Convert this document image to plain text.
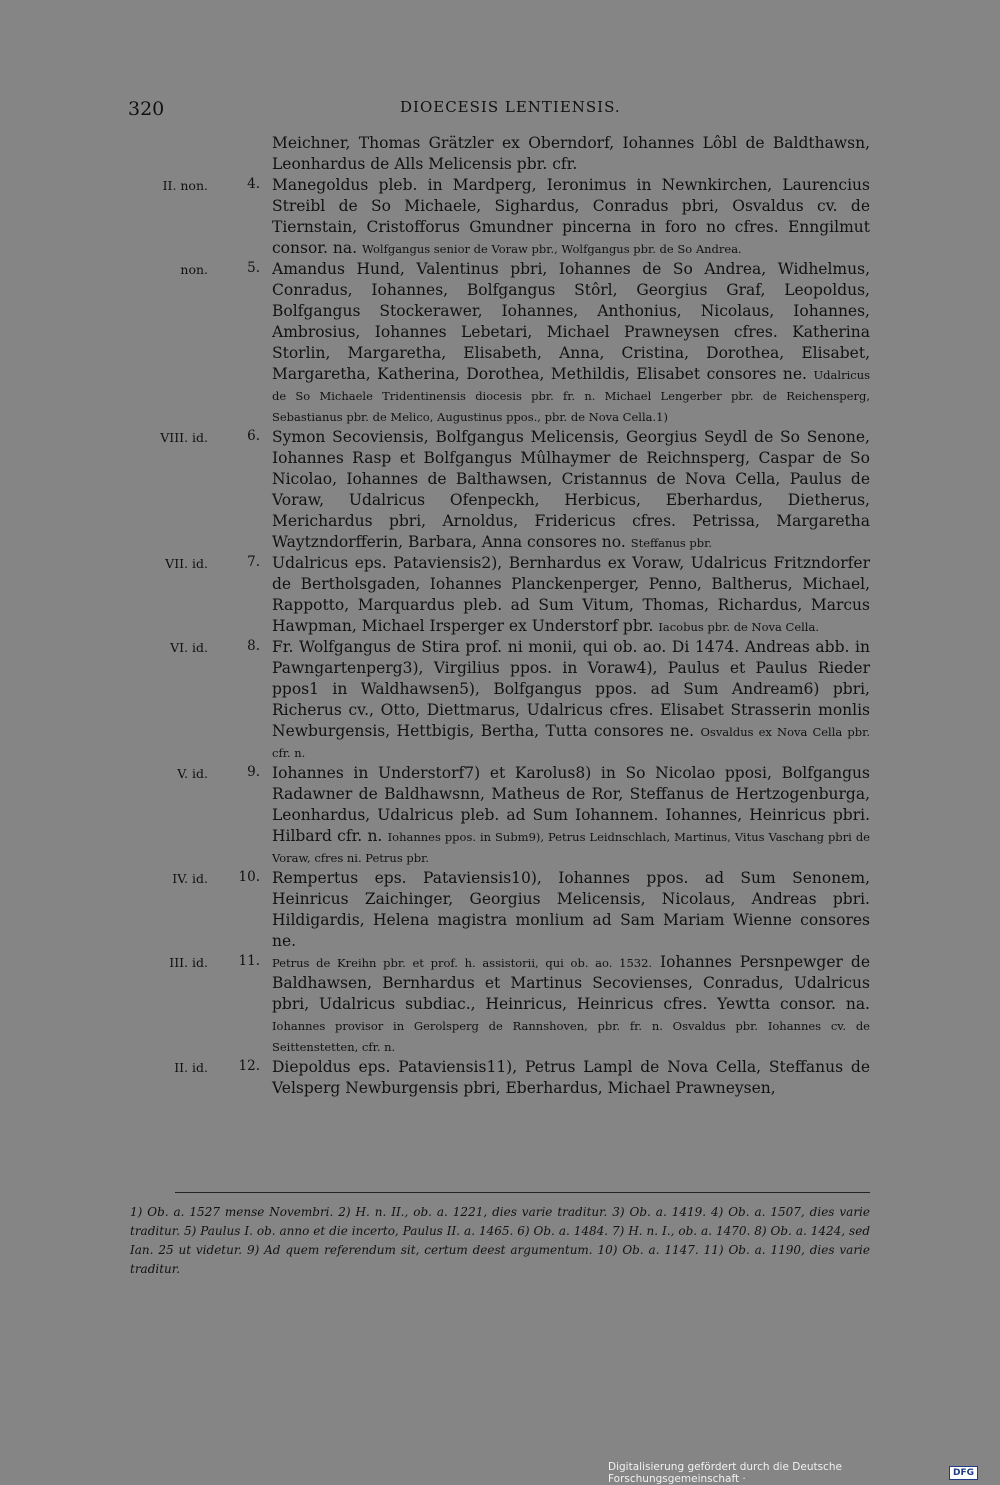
320	DIOECESIS LENTIENSIS.
Meichner, Thomas Grätzler ex Oberndorf, Iohannes Lôbl de Baldthawsn, Leonhardus de Alls Melicensis pbr. cfr.
II. non.	4. Manegoldus pleb. in Mardperg, Ieronimus in Newnkirchen, Laurencius Streibl de So Michaele, Sighardus, Conradus pbri, Osvaldus cv. de Tiernstain, Cristofforus Gmundner pincerna in foro no cfres. Enngilmut consor. na. Wolfgangus senior de Voraw pbr., Wolfgangus pbr. de So Andrea.
non.	5. Amandus Hund, Valentinus pbri, Iohannes de So Andrea, Widhelmus, Conradus, Iohannes, Bolfgangus Stôrl, Georgius Graf, Leopoldus, Bolfgangus Stockerawer, Iohannes, Anthonius, Nicolaus, Iohannes, Ambrosius, Iohannes Lebetari, Michael Prawneysen cfres. Katherina Storlin, Margaretha, Elisabeth, Anna, Cristina, Dorothea, Elisabet, Margaretha, Katherina, Dorothea, Methildis, Elisabet consores ne. Udalricus de So Michaele Tridentinensis diocesis pbr. fr. n. Michael Lengerber pbr. de Reichensperg, Sebastianus pbr. de Melico, Augustinus ppos., pbr. de Nova Cella.1)
VIII. id.	6. Symon Secoviensis, Bolfgangus Melicensis, Georgius Seydl de So Senone, Iohannes Rasp et Bolfgangus Mûlhaymer de Reichnsperg, Caspar de So Nicolao, Iohannes de Balthawsen, Cristannus de Nova Cella, Paulus de Voraw, Udalricus Ofenpeckh, Herbicus, Eberhardus, Dietherus, Merichardus pbri, Arnoldus, Fridericus cfres. Petrissa, Margaretha Waytzndorfferin, Barbara, Anna consores no. Steffanus pbr.
VII. id.	7. Udalricus eps. Pataviensis2), Bernhardus ex Voraw, Udalricus Fritzndorfer de Bertholsgaden, Iohannes Planckenperger, Penno, Baltherus, Michael, Rappotto, Marquardus pleb. ad Sum Vitum, Thomas, Richardus, Marcus Hawpman, Michael Irsperger ex Understorf pbr. Iacobus pbr. de Nova Cella.
VI. id.	8. Fr. Wolfgangus de Stira prof. ni monii, qui ob. ao. Di 1474. Andreas abb. in Pawngartenperg3), Virgilius ppos. in Voraw4), Paulus et Paulus Rieder ppos1 in Waldhawsen5), Bolfgangus ppos. ad Sum Andream6) pbri, Richerus cv., Otto, Diettmarus, Udalricus cfres. Elisabet Strasserin monlis Newburgensis, Hettbigis, Bertha, Tutta consores ne. Osvaldus ex Nova Cella pbr. cfr. n.
V. id.	9. Iohannes in Understorf7) et Karolus8) in So Nicolao pposi, Bolfgangus Radawner de Baldhawsnn, Matheus de Ror, Steffanus de Hertzogenburga, Leonhardus, Udalricus pleb. ad Sum Iohannem. Iohannes, Heinricus pbri. Hilbard cfr. n. Iohannes ppos. in Subm9), Petrus Leidnschlach, Martinus, Vitus Vaschang pbri de Voraw, cfres ni. Petrus pbr.
IV. id.	10. Rempertus eps. Pataviensis10), Iohannes ppos. ad Sum Senonem, Heinricus Zaichinger, Georgius Melicensis, Nicolaus, Andreas pbri. Hildigardis, Helena magistra monlium ad Sam Mariam Wienne consores ne.
III. id.	11. Petrus de Kreihn pbr. et prof. h. assistorii, qui ob. ao. 1532. Iohannes Persnpewger de Baldhawsen, Bernhardus et Martinus Secovienses, Conradus, Udalricus pbri, Udalricus subdiac., Heinricus, Heinricus cfres. Yewtta consor. na. Iohannes provisor in Gerolsperg de Rannshoven, pbr. fr. n. Osvaldus pbr. Iohannes cv. de Seittenstetten, cfr. n.
II. id.	12. Diepoldus eps. Pataviensis11), Petrus Lampl de Nova Cella, Steffanus de Velsperg Newburgensis pbri, Eberhardus, Michael Prawneysen,
1) Ob. a. 1527 mense Novembri. 2) H. n. II., ob. a. 1221, dies varie traditur. 3) Ob. a. 1419. 4) Ob. a. 1507, dies varie traditur. 5) Paulus I. ob. anno et die incerto, Paulus II. a. 1465. 6) Ob. a. 1484. 7) H. n. I., ob. a. 1470. 8) Ob. a. 1424, sed Ian. 25 ut videtur. 9) Ad quem referendum sit, certum deest argumentum. 10) Ob. a. 1147. 11) Ob. a. 1190, dies varie traditur.
Digitalisierung gefördert durch die Deutsche Forschungsgemeinschaft ·	DFG
